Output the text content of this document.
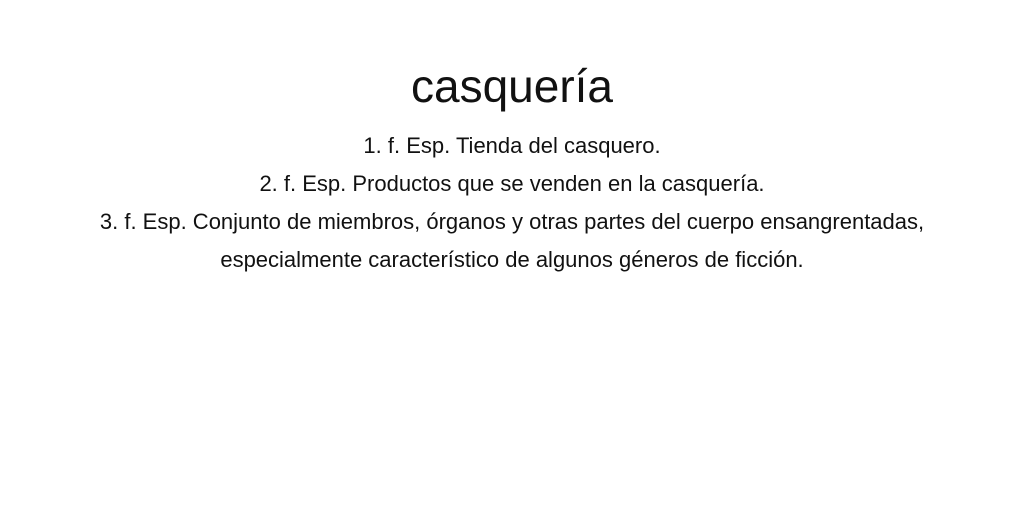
casquería
1. f. Esp. Tienda del casquero.
2. f. Esp. Productos que se venden en la casquería.
3. f. Esp. Conjunto de miembros, órganos y otras partes del cuerpo ensangrentadas, especialmente característico de algunos géneros de ficción.
